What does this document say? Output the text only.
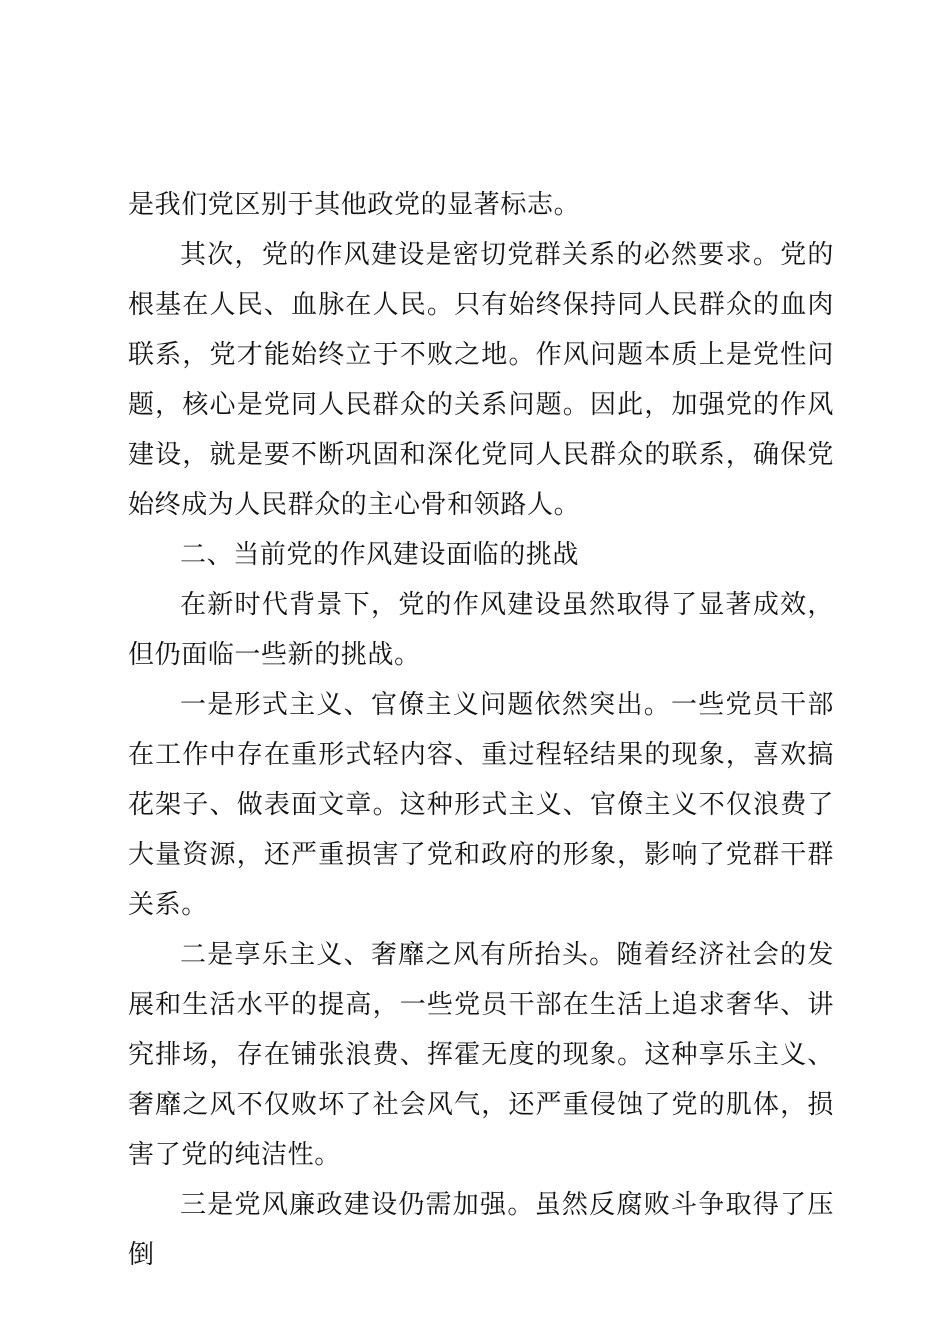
是我们党区别于其他政党的显著标志。

其次，党的作风建设是密切党群关系的必然要求。党的根基在人民、血脉在人民。只有始终保持同人民群众的血肉联系，党才能始终立于不败之地。作风问题本质上是党性问题，核心是党同人民群众的关系问题。因此，加强党的作风建设，就是要不断巩固和深化党同人民群众的联系，确保党始终成为人民群众的主心骨和领路人。

二、当前党的作风建设面临的挑战

在新时代背景下，党的作风建设虽然取得了显著成效，但仍面临一些新的挑战。

一是形式主义、官僚主义问题依然突出。一些党员干部在工作中存在重形式轻内容、重过程轻结果的现象，喜欢搞花架子、做表面文章。这种形式主义、官僚主义不仅浪费了大量资源，还严重损害了党和政府的形象，影响了党群干群关系。

二是享乐主义、奢靡之风有所抬头。随着经济社会的发展和生活水平的提高，一些党员干部在生活上追求奢华、讲究排场，存在铺张浪费、挥霍无度的现象。这种享乐主义、奢靡之风不仅败坏了社会风气，还严重侵蚀了党的肌体，损害了党的纯洁性。

三是党风廉政建设仍需加强。虽然反腐败斗争取得了压倒
